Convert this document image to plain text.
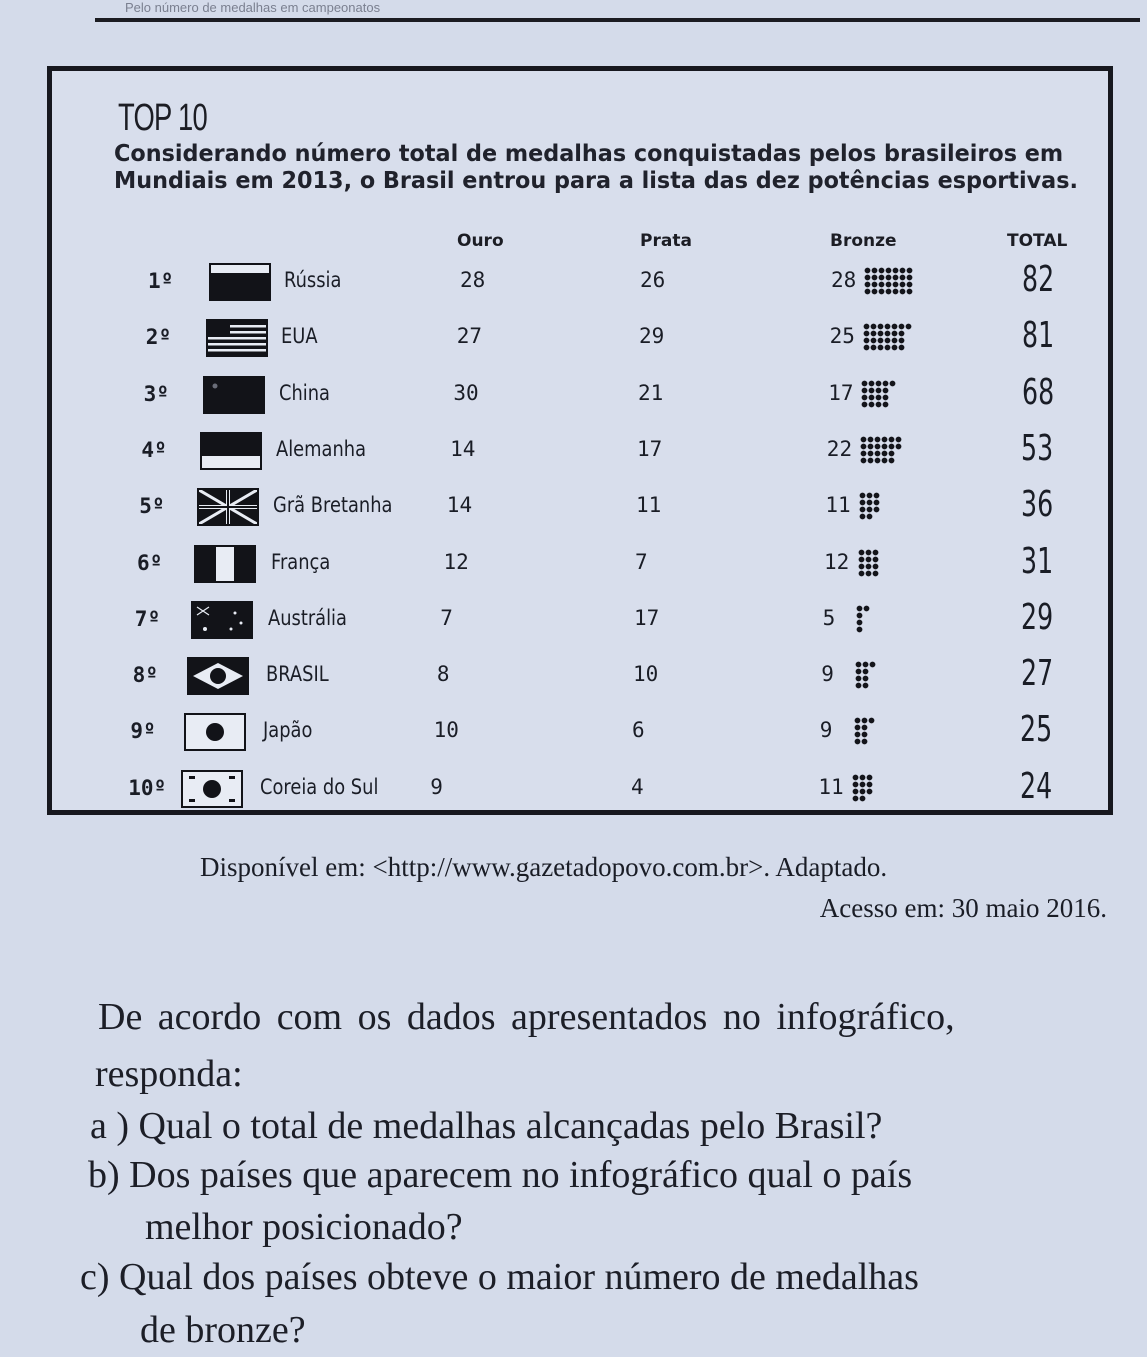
Pelo número de medalhas em campeonatos
TOP 10
Considerando número total de medalhas conquistadas pelos brasileiros em Mundiais em 2013, o Brasil entrou para a lista das dez potências esportivas.
Ouro	Prata	Bronze	TOTAL
1º	Rússia	28	26	28	82
2º	EUA	27	29	25	81
3º	China	30	21	17	68
4º	Alemanha	14	17	22	53
5º	Grã Bretanha	14	11	11	36
6º	França	12	7	12	31
7º	Austrália	7	17	5	29
8º	BRASIL	8	10	9	27
9º	Japão	10	6	9	25
10º	Coreia do Sul 9	4	11	24
Disponível em: <http://www.gazetadopovo.com.br>. Adaptado.
Acesso em: 30 maio 2016.
De acordo com os dados apresentados no infográfico,
responda:
a ) Qual o total de medalhas alcançadas pelo Brasil?
b) Dos países que aparecem no infográfico qual o país
melhor posicionado?
c) Qual dos países obteve o maior número de medalhas
de bronze?
